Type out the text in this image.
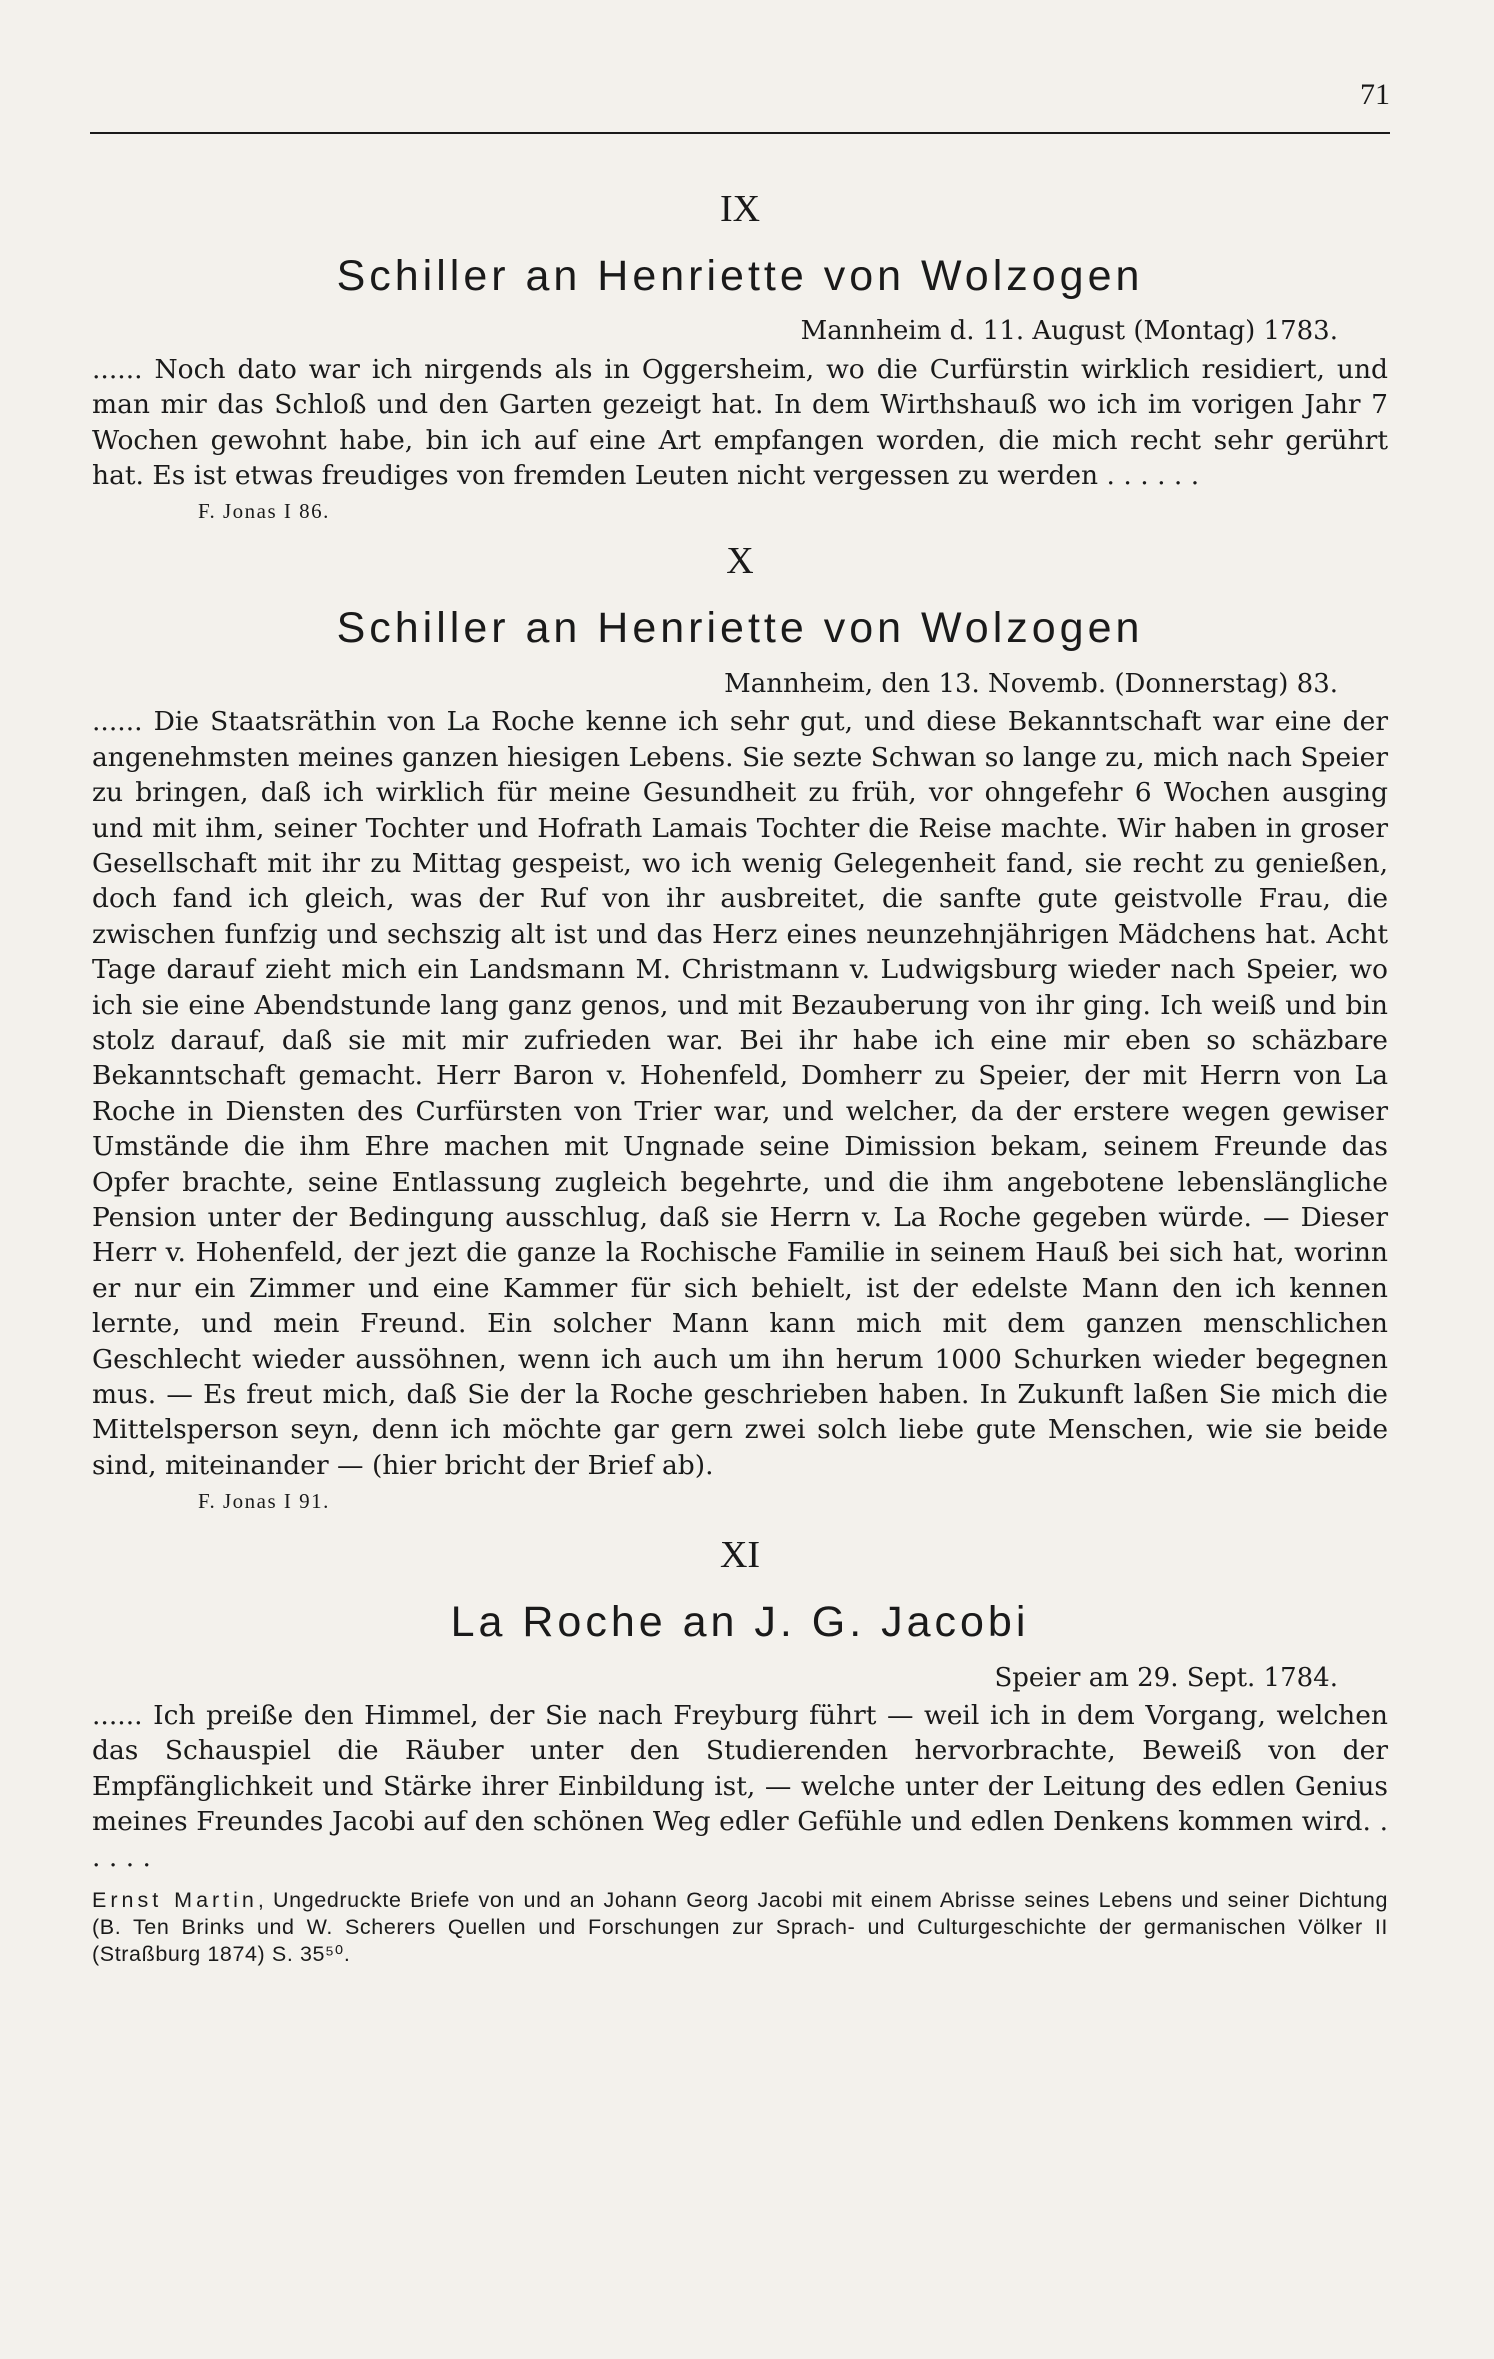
71
IX
Schiller an Henriette von Wolzogen
Mannheim d. 11. August (Montag) 1783.

...... Noch dato war ich nirgends als in Oggersheim, wo die Curfürstin wirklich residiert, und man mir das Schloß und den Garten gezeigt hat. In dem Wirthshauß wo ich im vorigen Jahr 7 Wochen gewohnt habe, bin ich auf eine Art empfangen worden, die mich recht sehr gerührt hat. Es ist etwas freudiges von fremden Leuten nicht vergessen zu werden . . . . . .

F. Jonas I 86.
X
Schiller an Henriette von Wolzogen
Mannheim, den 13. Novemb. (Donnerstag) 83.

...... Die Staatsräthin von La Roche kenne ich sehr gut, und diese Bekanntschaft war eine der angenehmsten meines ganzen hiesigen Lebens. Sie sezte Schwan so lange zu, mich nach Speier zu bringen, daß ich wirklich für meine Gesundheit zu früh, vor ohngefehr 6 Wochen ausging und mit ihm, seiner Tochter und Hofrath Lamais Tochter die Reise machte. Wir haben in groser Gesellschaft mit ihr zu Mittag gespeist, wo ich wenig Gelegenheit fand, sie recht zu genießen, doch fand ich gleich, was der Ruf von ihr ausbreitet, die sanfte gute geistvolle Frau, die zwischen funfzig und sechszig alt ist und das Herz eines neunzehnjährigen Mädchens hat. Acht Tage darauf zieht mich ein Landsmann M. Christmann v. Ludwigsburg wieder nach Speier, wo ich sie eine Abendstunde lang ganz genos, und mit Bezauberung von ihr ging. Ich weiß und bin stolz darauf, daß sie mit mir zufrieden war. Bei ihr habe ich eine mir eben so schäzbare Bekanntschaft gemacht. Herr Baron v. Hohenfeld, Domherr zu Speier, der mit Herrn von La Roche in Diensten des Curfürsten von Trier war, und welcher, da der erstere wegen gewiser Umstände die ihm Ehre machen mit Ungnade seine Dimission bekam, seinem Freunde das Opfer brachte, seine Entlassung zugleich begehrte, und die ihm angebotene lebenslängliche Pension unter der Bedingung ausschlug, daß sie Herrn v. La Roche gegeben würde. — Dieser Herr v. Hohenfeld, der jezt die ganze la Rochische Familie in seinem Hauß bei sich hat, worinn er nur ein Zimmer und eine Kammer für sich behielt, ist der edelste Mann den ich kennen lernte, und mein Freund. Ein solcher Mann kann mich mit dem ganzen menschlichen Geschlecht wieder aussöhnen, wenn ich auch um ihn herum 1000 Schurken wieder begegnen mus. — Es freut mich, daß Sie der la Roche geschrieben haben. In Zukunft laßen Sie mich die Mittelsperson seyn, denn ich möchte gar gern zwei solch liebe gute Menschen, wie sie beide sind, miteinander — (hier bricht der Brief ab).

F. Jonas I 91.
XI
La Roche an J. G. Jacobi
Speier am 29. Sept. 1784.

...... Ich preiße den Himmel, der Sie nach Freyburg führt — weil ich in dem Vorgang, welchen das Schauspiel die Räuber unter den Studierenden hervorbrachte, Beweiß von der Empfänglichkeit und Stärke ihrer Einbildung ist, — welche unter der Leitung des edlen Genius meines Freundes Jacobi auf den schönen Weg edler Gefühle und edlen Denkens kommen wird. . . . . .

Ernst Martin, Ungedruckte Briefe von und an Johann Georg Jacobi mit einem Abrisse seines Lebens und seiner Dichtung (B. Ten Brinks und W. Scherers Quellen und Forschungen zur Sprach- und Culturgeschichte der germanischen Völker II (Straßburg 1874) S. 35⁵⁰.
